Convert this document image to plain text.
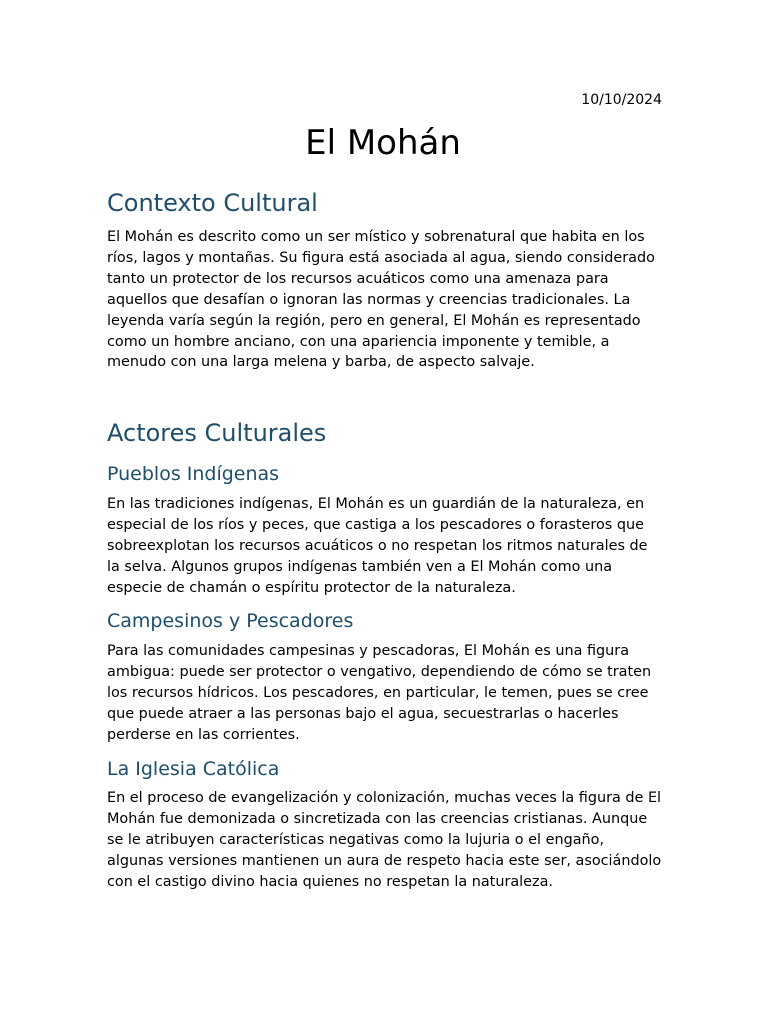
10/10/2024
El Mohán
Contexto Cultural

El Mohán es descrito como un ser místico y sobrenatural que habita en los ríos, lagos y montañas. Su figura está asociada al agua, siendo considerado tanto un protector de los recursos acuáticos como una amenaza para aquellos que desafían o ignoran las normas y creencias tradicionales. La leyenda varía según la región, pero en general, El Mohán es representado como un hombre anciano, con una apariencia imponente y temible, a menudo con una larga melena y barba, de aspecto salvaje.

Actores Culturales
Pueblos Indígenas

En las tradiciones indígenas, El Mohán es un guardián de la naturaleza, en especial de los ríos y peces, que castiga a los pescadores o forasteros que sobreexplotan los recursos acuáticos o no respetan los ritmos naturales de la selva. Algunos grupos indígenas también ven a El Mohán como una especie de chamán o espíritu protector de la naturaleza.

Campesinos y Pescadores

Para las comunidades campesinas y pescadoras, El Mohán es una figura ambigua: puede ser protector o vengativo, dependiendo de cómo se traten los recursos hídricos. Los pescadores, en particular, le temen, pues se cree que puede atraer a las personas bajo el agua, secuestrarlas o hacerles perderse en las corrientes.

La Iglesia Católica

En el proceso de evangelización y colonización, muchas veces la figura de El Mohán fue demonizada o sincretizada con las creencias cristianas. Aunque se le atribuyen características negativas como la lujuria o el engaño, algunas versiones mantienen un aura de respeto hacia este ser, asociándolo con el castigo divino hacia quienes no respetan la naturaleza.
